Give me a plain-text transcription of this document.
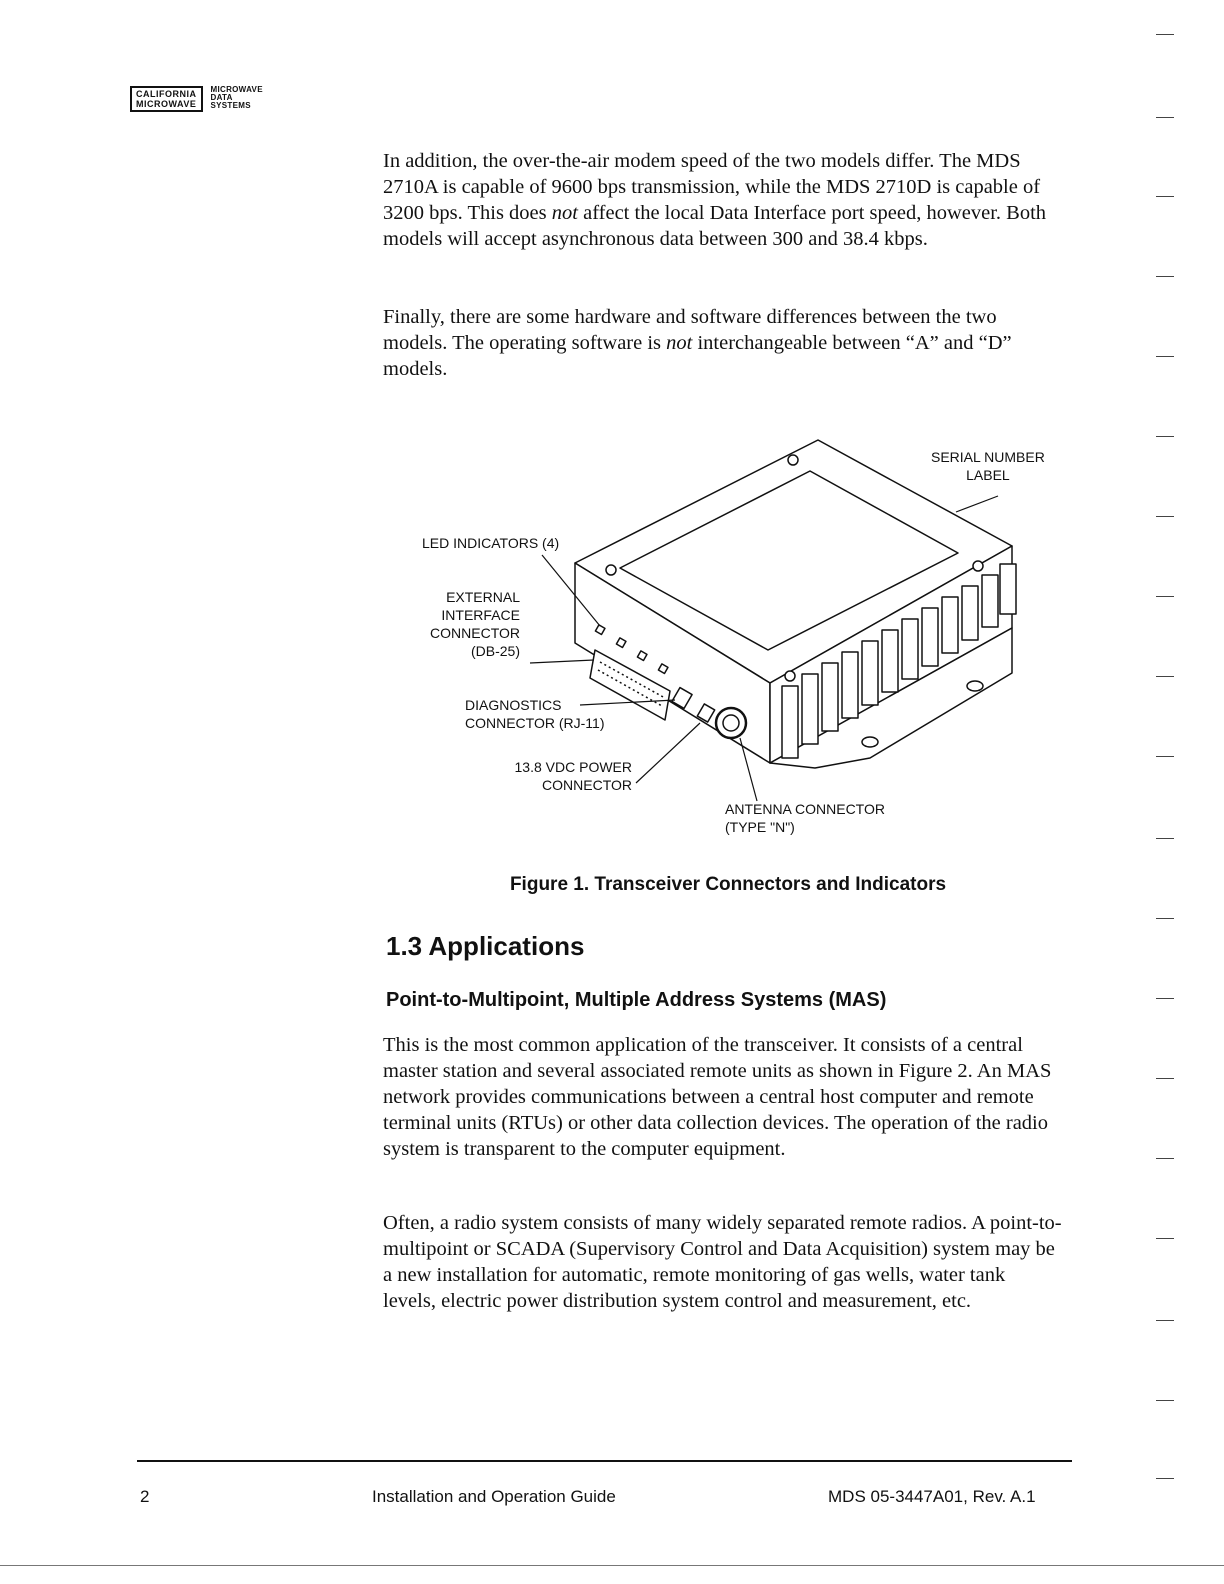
CALIFORNIA
MICROWAVE
MICROWAVE
DATA
SYSTEMS

In addition, the over-the-air modem speed of the two models differ. The MDS 2710A is capable of 9600 bps transmission, while the MDS 2710D is capable of 3200 bps. This does not affect the local Data Interface port speed, however. Both models will accept asynchronous data between 300 and 38.4 kbps.

Finally, there are some hardware and software differences between the two models. The operating software is not interchangeable between “A” and “D” models.

SERIAL NUMBER
LABEL

LED INDICATORS (4)

EXTERNAL
INTERFACE
CONNECTOR
(DB-25)

DIAGNOSTICS
CONNECTOR (RJ-11)

13.8 VDC POWER
CONNECTOR

ANTENNA CONNECTOR
(TYPE "N")

Figure 1. Transceiver Connectors and Indicators

1.3 Applications
Point-to-Multipoint, Multiple Address Systems (MAS)

This is the most common application of the transceiver. It consists of a central master station and several associated remote units as shown in Figure 2. An MAS network provides communications between a central host computer and remote terminal units (RTUs) or other data collection devices. The operation of the radio system is transparent to the computer equipment.

Often, a radio system consists of many widely separated remote radios. A point-to-multipoint or SCADA (Supervisory Control and Data Acquisition) system may be a new installation for automatic, remote monitoring of gas wells, water tank levels, electric power distribution system control and measurement, etc.

2	Installation and Operation Guide	MDS 05-3447A01, Rev. A.1
